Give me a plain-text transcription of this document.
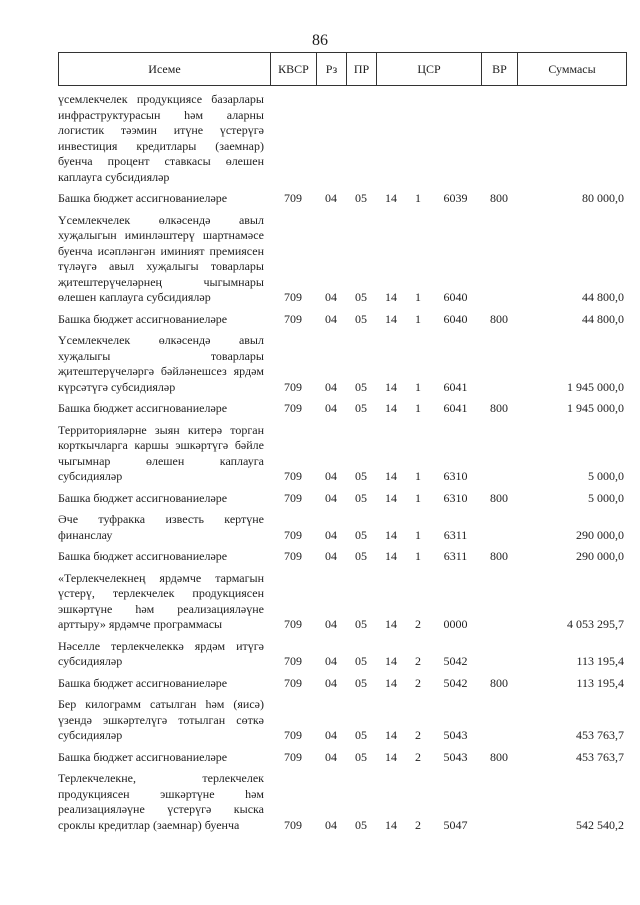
86
Исеме	КВСР	Рз	ПР	ЦСР	ВР	Суммасы
үсемлекчелек продукциясе базарлары инфраструктурасын һәм аларны логистик тәэмин итүне үстерүгә инвестиция кредитлары (заемнар) буенча процент ставкасы өлешен каплауга субсидияләр								
Башка бюджет ассигнованиеләре	709	04	05	14	1	6039	800	80 000,0
Үсемлекчелек өлкәсендә авыл хуҗалыгын иминләштерү шартнамәсе буенча исәпләнгән иминият премиясен түләүгә авыл хуҗалыгы товарлары җитештерүчеләрнең чыгымнары өлешен каплауга субсидияләр	709	04	05	14	1	6040		44 800,0
Башка бюджет ассигнованиеләре	709	04	05	14	1	6040	800	44 800,0
Үсемлекчелек өлкәсендә авыл хуҗалыгы товарлары җитештерүчеләргә бәйләнешсез ярдәм күрсәтүгә субсидияләр	709	04	05	14	1	6041		1 945 000,0
Башка бюджет ассигнованиеләре	709	04	05	14	1	6041	800	1 945 000,0
Территорияләрне зыян китерә торган корткычларга каршы эшкәртүгә бәйле чыгымнар өлешен каплауга субсидияләр	709	04	05	14	1	6310		5 000,0
Башка бюджет ассигнованиеләре	709	04	05	14	1	6310	800	5 000,0
Әче туфракка известь кертүне финанслау	709	04	05	14	1	6311		290 000,0
Башка бюджет ассигнованиеләре	709	04	05	14	1	6311	800	290 000,0
«Терлекчелекнең ярдәмче тармагын үстерү, терлекчелек продукциясен эшкәртүне һәм реализацияләүне арттыру» ярдәмче программасы	709	04	05	14	2	0000		4 053 295,7
Нәселле терлекчелеккә ярдәм итүгә субсидияләр	709	04	05	14	2	5042		113 195,4
Башка бюджет ассигнованиеләре	709	04	05	14	2	5042	800	113 195,4
Бер килограмм сатылган һәм (яисә) үзендә эшкәртелүгә тотылган сөткә субсидияләр	709	04	05	14	2	5043		453 763,7
Башка бюджет ассигнованиеләре	709	04	05	14	2	5043	800	453 763,7
Терлекчелекне, терлекчелек продукциясен эшкәртүне һәм реализацияләүне үстерүгә кыска сроклы кредитлар (заемнар) буенча	709	04	05	14	2	5047		542 540,2
